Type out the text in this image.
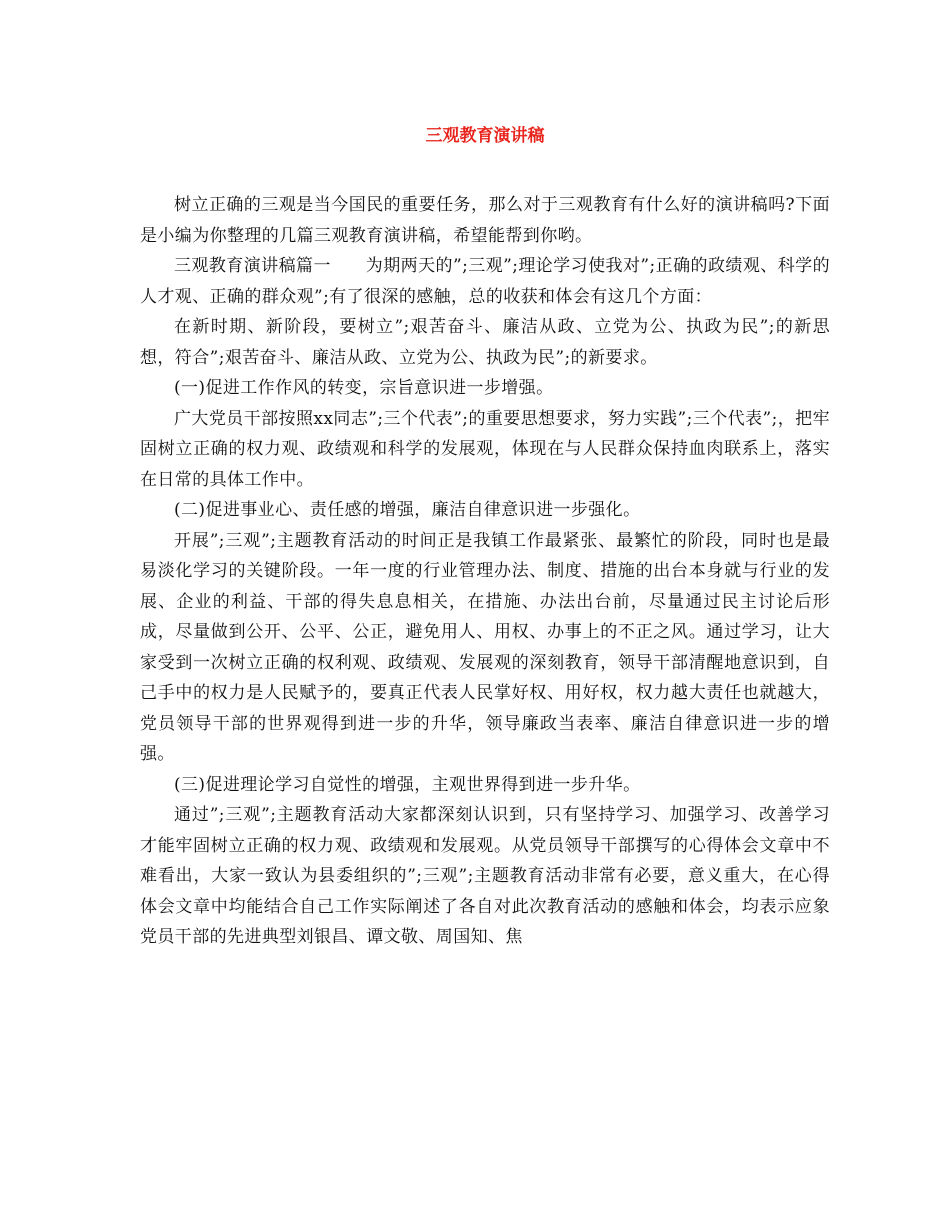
三观教育演讲稿

树立正确的三观是当今国民的重要任务，那么对于三观教育有什么好的演讲稿吗?下面是小编为你整理的几篇三观教育演讲稿，希望能帮到你哟。

三观教育演讲稿篇一　　为期两天的”;三观”;理论学习使我对”;正确的政绩观、科学的人才观、正确的群众观”;有了很深的感触，总的收获和体会有这几个方面：

在新时期、新阶段，要树立”;艰苦奋斗、廉洁从政、立党为公、执政为民”;的新思想，符合”;艰苦奋斗、廉洁从政、立党为公、执政为民”;的新要求。

(一)促进工作作风的转变，宗旨意识进一步增强。

广大党员干部按照xx同志”;三个代表”;的重要思想要求，努力实践”;三个代表”;，把牢固树立正确的权力观、政绩观和科学的发展观，体现在与人民群众保持血肉联系上，落实在日常的具体工作中。

(二)促进事业心、责任感的增强，廉洁自律意识进一步强化。

开展”;三观”;主题教育活动的时间正是我镇工作最紧张、最繁忙的阶段，同时也是最易淡化学习的关键阶段。一年一度的行业管理办法、制度、措施的出台本身就与行业的发展、企业的利益、干部的得失息息相关，在措施、办法出台前，尽量通过民主讨论后形成，尽量做到公开、公平、公正，避免用人、用权、办事上的不正之风。通过学习，让大家受到一次树立正确的权利观、政绩观、发展观的深刻教育，领导干部清醒地意识到，自己手中的权力是人民赋予的，要真正代表人民掌好权、用好权，权力越大责任也就越大，党员领导干部的世界观得到进一步的升华，领导廉政当表率、廉洁自律意识进一步的增强。

(三)促进理论学习自觉性的增强，主观世界得到进一步升华。

通过”;三观”;主题教育活动大家都深刻认识到，只有坚持学习、加强学习、改善学习才能牢固树立正确的权力观、政绩观和发展观。从党员领导干部撰写的心得体会文章中不难看出，大家一致认为县委组织的”;三观”;主题教育活动非常有必要，意义重大，在心得体会文章中均能结合自己工作实际阐述了各自对此次教育活动的感触和体会，均表示应象党员干部的先进典型刘银昌、谭文敬、周国知、焦
